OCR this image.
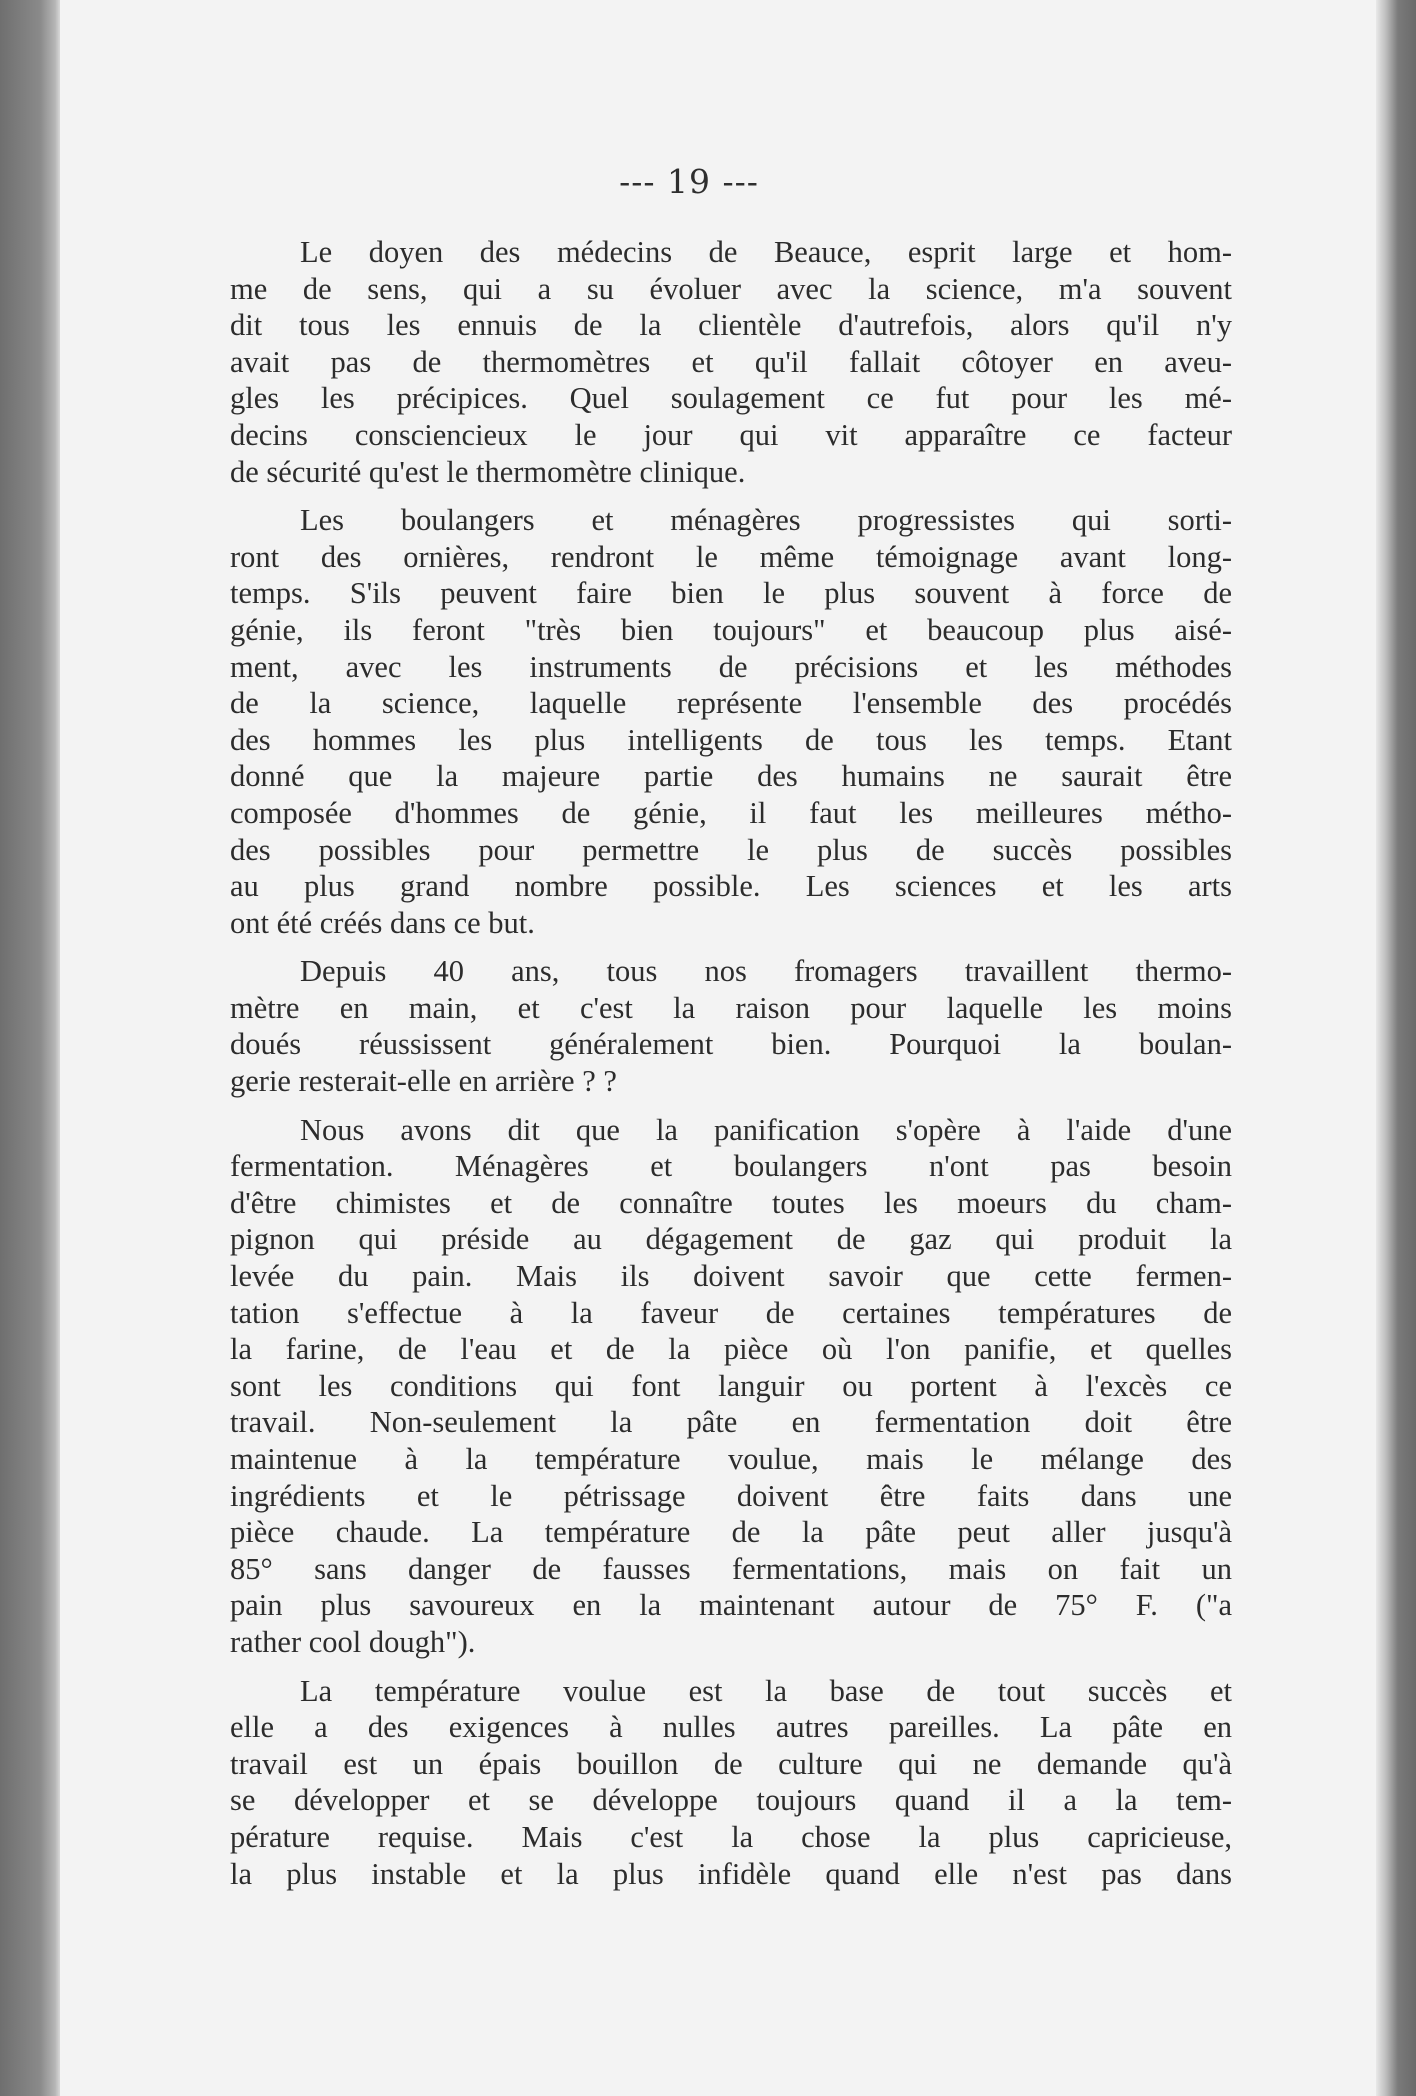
--- 19 ---

Le doyen des médecins de Beauce, esprit large et hom-
me de sens, qui a su évoluer avec la science, m'a souvent
dit tous les ennuis de la clientèle d'autrefois, alors qu'il n'y
avait pas de thermomètres et qu'il fallait côtoyer en aveu-
gles les précipices. Quel soulagement ce fut pour les mé-
decins consciencieux le jour qui vit apparaître ce facteur
de sécurité qu'est le thermomètre clinique.

Les boulangers et ménagères progressistes qui sorti-
ront des ornières, rendront le même témoignage avant long-
temps. S'ils peuvent faire bien le plus souvent à force de
génie, ils feront "très bien toujours" et beaucoup plus aisé-
ment, avec les instruments de précisions et les méthodes
de la science, laquelle représente l'ensemble des procédés
des hommes les plus intelligents de tous les temps. Etant
donné que la majeure partie des humains ne saurait être
composée d'hommes de génie, il faut les meilleures métho-
des possibles pour permettre le plus de succès possibles
au plus grand nombre possible. Les sciences et les arts
ont été créés dans ce but.

Depuis 40 ans, tous nos fromagers travaillent thermo-
mètre en main, et c'est la raison pour laquelle les moins
doués réussissent généralement bien. Pourquoi la boulan-
gerie resterait-elle en arrière ? ?

Nous avons dit que la panification s'opère à l'aide d'une
fermentation. Ménagères et boulangers n'ont pas besoin
d'être chimistes et de connaître toutes les moeurs du cham-
pignon qui préside au dégagement de gaz qui produit la
levée du pain. Mais ils doivent savoir que cette fermen-
tation s'effectue à la faveur de certaines températures de
la farine, de l'eau et de la pièce où l'on panifie, et quelles
sont les conditions qui font languir ou portent à l'excès ce
travail. Non-seulement la pâte en fermentation doit être
maintenue à la température voulue, mais le mélange des
ingrédients et le pétrissage doivent être faits dans une
pièce chaude. La température de la pâte peut aller jusqu'à
85° sans danger de fausses fermentations, mais on fait un
pain plus savoureux en la maintenant autour de 75° F. ("a
rather cool dough").

La température voulue est la base de tout succès et
elle a des exigences à nulles autres pareilles. La pâte en
travail est un épais bouillon de culture qui ne demande qu'à
se développer et se développe toujours quand il a la tem-
pérature requise. Mais c'est la chose la plus capricieuse,
la plus instable et la plus infidèle quand elle n'est pas dans
